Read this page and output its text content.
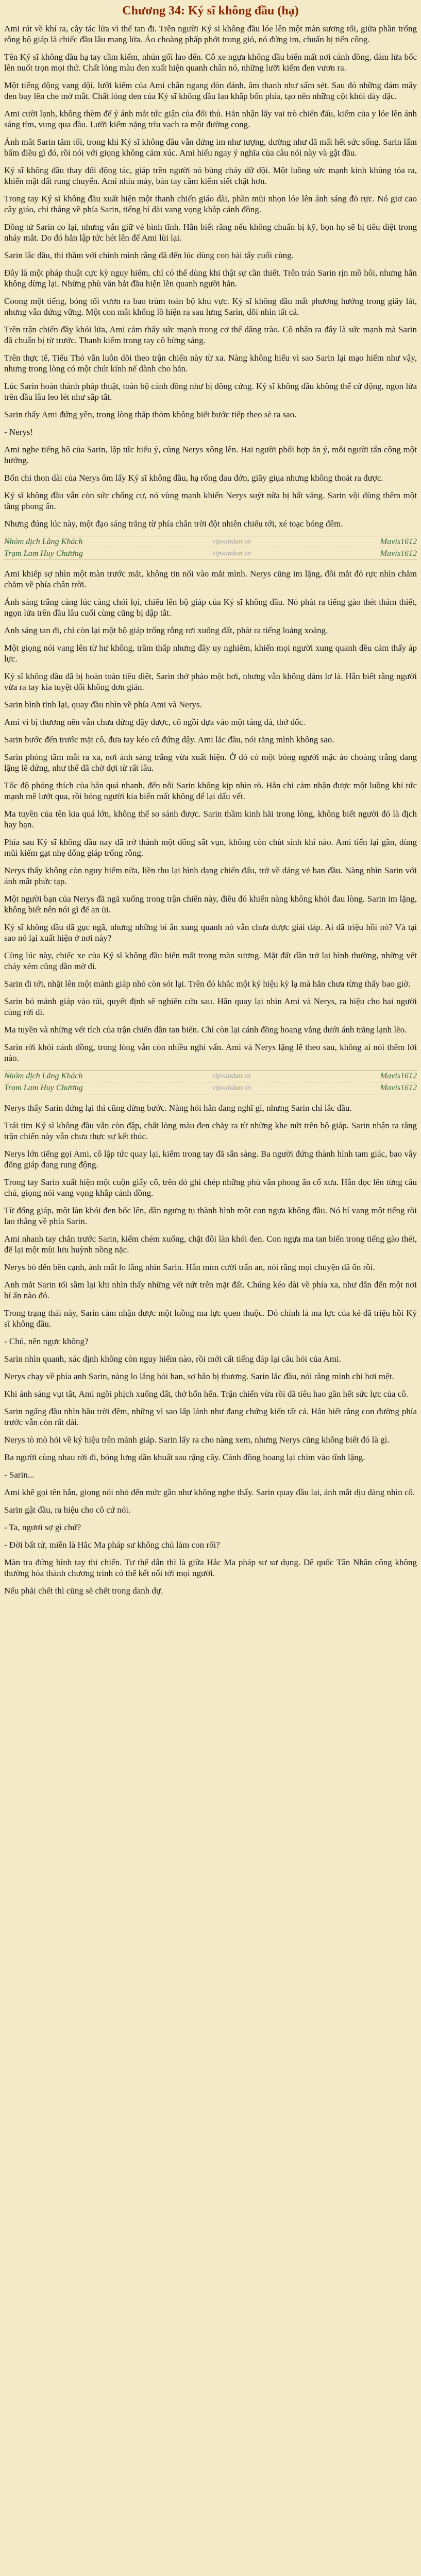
Chương 34: Ký sĩ không đầu (hạ)

Ami rút về khí ra, cây tác lửa vì thế tan đi. Trên người Ký sĩ không đầu lóe lên một màn sương tối, giữa phần trống rỗng bộ giáp là chiếc đầu lâu mang lửa. Áo choàng phấp phới trong gió, nó đứng im, chuẩn bị tiến công.

Tên Ký sĩ không đầu hạ tay cầm kiếm, nhún gối lao đến. Cỗ xe ngựa không đầu biến mất nơi cánh đồng, đám lửa bốc lên nuốt trọn mọi thứ. Chất lỏng màu đen xuất hiện quanh chân nó, những lưỡi kiếm đen vươn ra.

Một tiếng động vang dội, lưỡi kiếm của Ami chắn ngang đòn đánh, âm thanh như sấm sét. Sau đó những đám mây đen bay lên che mờ mắt. Chất lỏng đen của Ký sĩ không đầu lan khắp bốn phía, tạo nên những cột khói dày đặc.

Ami cười lạnh, không thèm để ý ánh mắt tức giận của đối thủ. Hắn nhận lấy vai trò chiến đấu, kiếm của y lóe lên ánh sáng tím, vung qua đầu. Lưỡi kiếm nặng trĩu vạch ra một đường cong.

Ánh mắt Sarin tăm tối, trong khi Ký sĩ không đầu vẫn đứng im như tượng, dường như đã mất hết sức sống. Sarin lẩm bẩm điều gì đó, rồi nói với giọng không cảm xúc. Ami hiểu ngay ý nghĩa của câu nói này và gật đầu.

Ký sĩ không đầu thay đổi động tác, giáp trên người nó bùng cháy dữ dội. Một luồng sức mạnh kinh khủng tỏa ra, khiến mặt đất rung chuyển. Ami nhíu mày, bàn tay cầm kiếm siết chặt hơn.

Trong tay Ký sĩ không đầu xuất hiện một thanh chiến giáo dài, phần mũi nhọn lóe lên ánh sáng đỏ rực. Nó giơ cao cây giáo, chỉ thẳng về phía Sarin, tiếng hí dài vang vọng khắp cánh đồng.

Đồng tử Sarin co lại, nhưng vẫn giữ vẻ bình tĩnh. Hắn biết rằng nếu không chuẩn bị kỹ, bọn họ sẽ bị tiêu diệt trong nháy mắt. Do đó hắn lập tức hét lên để Ami lùi lại.

Sarin lắc đầu, thì thầm với chính mình rằng đã đến lúc dùng con bài tẩy cuối cùng.

Đây là một pháp thuật cực kỳ nguy hiểm, chỉ có thể dùng khi thật sự cần thiết. Trên trán Sarin rịn mồ hôi, nhưng hắn không dừng lại. Những phù văn bắt đầu hiện lên quanh người hắn.

Coong một tiếng, bóng tối vươn ra bao trùm toàn bộ khu vực. Ký sĩ không đầu mất phương hướng trong giây lát, nhưng vẫn đứng vững. Một con mắt khổng lồ hiện ra sau lưng Sarin, dõi nhìn tất cả.

Trên trận chiến đầy khói lửa, Ami cảm thấy sức mạnh trong cơ thể dâng trào. Cô nhận ra đây là sức mạnh mà Sarin đã chuẩn bị từ trước. Thanh kiếm trong tay cô bừng sáng.

Trên thực tế, Tiểu Thỏ vẫn luôn dõi theo trận chiến này từ xa. Nàng không hiểu vì sao Sarin lại mạo hiểm như vậy, nhưng trong lòng có một chút kính nể dành cho hắn.

Lúc Sarin hoàn thành pháp thuật, toàn bộ cánh đồng như bị đông cứng. Ký sĩ không đầu không thể cử động, ngọn lửa trên đầu lâu leo lét như sắp tắt.

Sarin thấy Ami đứng yên, trong lòng thấp thỏm không biết bước tiếp theo sẽ ra sao.

- Nerys!

Ami nghe tiếng hô của Sarin, lập tức hiểu ý, cùng Nerys xông lên. Hai người phối hợp ăn ý, mỗi người tấn công một hướng.

Bốn chi thon dài của Nerys ôm lấy Ký sĩ không đầu, hạ rống đau đớn, giãy giụa nhưng không thoát ra được.

Ký sĩ không đầu vẫn còn sức chống cự, nó vùng mạnh khiến Nerys suýt nữa bị hất văng. Sarin vội dùng thêm một tầng phong ấn.

Nhưng đúng lúc này, một đạo sáng trắng từ phía chân trời đột nhiên chiếu tới, xé toạc bóng đêm.

Nhóm dịch Lãng Khách	vipvandan.vn	Mavis1612
Trạm Lam Huy Chương	vipvandan.vn	Mavis1612

Ami khiếp sợ nhìn một màn trước mắt, không tin nổi vào mắt mình. Nerys cũng im lặng, đôi mắt đỏ rực nhìn chằm chằm về phía chân trời.

Ánh sáng trắng càng lúc càng chói lọi, chiếu lên bộ giáp của Ký sĩ không đầu. Nó phát ra tiếng gào thét thảm thiết, ngọn lửa trên đầu lâu cuối cùng cũng bị dập tắt.

Anh sáng tan đi, chỉ còn lại một bộ giáp trống rỗng rơi xuống đất, phát ra tiếng loảng xoảng.

Một giọng nói vang lên từ hư không, trầm thấp nhưng đầy uy nghiêm, khiến mọi người xung quanh đều cảm thấy áp lực.

Ký sĩ không đầu đã bị hoàn toàn tiêu diệt, Sarin thở phào một hơi, nhưng vẫn không dám lơ là. Hắn biết rằng người vừa ra tay kia tuyệt đối không đơn giản.

Sarin bình tĩnh lại, quay đầu nhìn về phía Ami và Nerys.

Ami vì bị thương nên vẫn chưa đứng dậy được, cô ngồi dựa vào một tảng đá, thở dốc.

Sarin bước đến trước mặt cô, đưa tay kéo cô đứng dậy. Ami lắc đầu, nói rằng mình không sao.

Sarin phóng tầm mắt ra xa, nơi ánh sáng trắng vừa xuất hiện. Ở đó có một bóng người mặc áo choàng trắng đang lặng lẽ đứng, như thể đã chờ đợi từ rất lâu.

Tốc độ phóng thích của hắn quá nhanh, đến nỗi Sarin không kịp nhìn rõ. Hắn chỉ cảm nhận được một luồng khí tức mạnh mẽ lướt qua, rồi bóng người kia biến mất không để lại dấu vết.

Ma tuyền của tên kia quá lớn, không thể so sánh được. Sarin thầm kinh hãi trong lòng, không biết người đó là địch hay bạn.

Phía sau Ký sĩ không đầu nay đã trở thành một đống sắt vụn, không còn chút sinh khí nào. Ami tiến lại gần, dùng mũi kiếm gạt nhẹ đống giáp trống rỗng.

Nerys thấy không còn nguy hiểm nữa, liền thu lại hình dạng chiến đấu, trở về dáng vẻ ban đầu. Nàng nhìn Sarin với ánh mắt phức tạp.

Một người bạn của Nerys đã ngã xuống trong trận chiến này, điều đó khiến nàng không khỏi đau lòng. Sarin im lặng, không biết nên nói gì để an ủi.

Ký sĩ không đầu đã gục ngã, nhưng những bí ẩn xung quanh nó vẫn chưa được giải đáp. Ai đã triệu hồi nó? Và tại sao nó lại xuất hiện ở nơi này?

Cùng lúc này, chiếc xe của Ký sĩ không đầu biến mất trong màn sương. Mặt đất dần trở lại bình thường, những vết cháy xém cũng dần mờ đi.

Sarin đi tới, nhặt lên một mảnh giáp nhỏ còn sót lại. Trên đó khắc một ký hiệu kỳ lạ mà hắn chưa từng thấy bao giờ.

Sarin bỏ mảnh giáp vào túi, quyết định sẽ nghiên cứu sau. Hắn quay lại nhìn Ami và Nerys, ra hiệu cho hai người cùng rời đi.

Ma tuyền và những vết tích của trận chiến dần tan biến. Chỉ còn lại cánh đồng hoang vắng dưới ánh trăng lạnh lẽo.

Sarin rời khỏi cánh đồng, trong lòng vẫn còn nhiều nghi vấn. Ami và Nerys lặng lẽ theo sau, không ai nói thêm lời nào.

Nhóm dịch Lãng Khách	vipvandan.vn	Mavis1612
Trạm Lam Huy Chương	vipvandan.vn	Mavis1612

Nerys thấy Sarin đứng lại thì cũng dừng bước. Nàng hỏi hắn đang nghĩ gì, nhưng Sarin chỉ lắc đầu.

Trái tim Ký sĩ không đầu vẫn còn đập, chất lỏng màu đen chảy ra từ những khe nứt trên bộ giáp. Sarin nhận ra rằng trận chiến này vẫn chưa thực sự kết thúc.

Nerys lớn tiếng gọi Ami, cô lập tức quay lại, kiếm trong tay đã sẵn sàng. Ba người đứng thành hình tam giác, bao vây đống giáp đang rung động.

Trong tay Sarin xuất hiện một cuộn giấy cổ, trên đó ghi chép những phù văn phong ấn cổ xưa. Hắn đọc lên từng câu chú, giọng nói vang vọng khắp cánh đồng.

Từ đống giáp, một làn khói đen bốc lên, dần ngưng tụ thành hình một con ngựa không đầu. Nó hí vang một tiếng rồi lao thẳng về phía Sarin.

Ami nhanh tay chắn trước Sarin, kiếm chém xuống, chặt đôi làn khói đen. Con ngựa ma tan biến trong tiếng gào thét, để lại một mùi lưu huỳnh nồng nặc.

Nerys bò đến bên cạnh, ánh mắt lo lắng nhìn Sarin. Hắn mỉm cười trấn an, nói rằng mọi chuyện đã ổn rồi.

Anh mắt Sarin tối sầm lại khi nhìn thấy những vết nứt trên mặt đất. Chúng kéo dài về phía xa, như dẫn đến một nơi bí ẩn nào đó.

Trong trạng thái này, Sarin cảm nhận được một luồng ma lực quen thuộc. Đó chính là ma lực của kẻ đã triệu hồi Ký sĩ không đầu.

- Chú, nên ngực không?

Sarin nhìn quanh, xác định không còn nguy hiểm nào, rồi mới cất tiếng đáp lại câu hỏi của Ami.

Nerys chạy về phía anh Sarin, nàng lo lắng hỏi han, sợ hắn bị thương. Sarin lắc đầu, nói rằng mình chỉ hơi mệt.

Khi ánh sáng vụt tắt, Ami ngồi phịch xuống đất, thở hổn hển. Trận chiến vừa rồi đã tiêu hao gần hết sức lực của cô.

Sarin ngẩng đầu nhìn bầu trời đêm, những vì sao lấp lánh như đang chứng kiến tất cả. Hắn biết rằng con đường phía trước vẫn còn rất dài.

Nerys tò mò hỏi về ký hiệu trên mảnh giáp. Sarin lấy ra cho nàng xem, nhưng Nerys cũng không biết đó là gì.

Ba người cùng nhau rời đi, bóng lưng dần khuất sau rặng cây. Cánh đồng hoang lại chìm vào tĩnh lặng.

- Sarin...

Ami khẽ gọi tên hắn, giọng nói nhỏ đến mức gần như không nghe thấy. Sarin quay đầu lại, ánh mắt dịu dàng nhìn cô.

Sarin gật đầu, ra hiệu cho cô cứ nói.

- Ta, ngươi sợ gì chứ?

- Đời bất tử, miễn là Hắc Ma pháp sư không chủ làm con rối?

Màn tra đứng bình tay thi chiến. Tư thế dẫn thì là giữa Hắc Ma pháp sư sư dụng. Dê quốc Tân Nhân công không thường hóa thành chương trình có thể kết nối tới mọi người.

Nếu phải chết thì cũng sẽ chết trong danh dự.
